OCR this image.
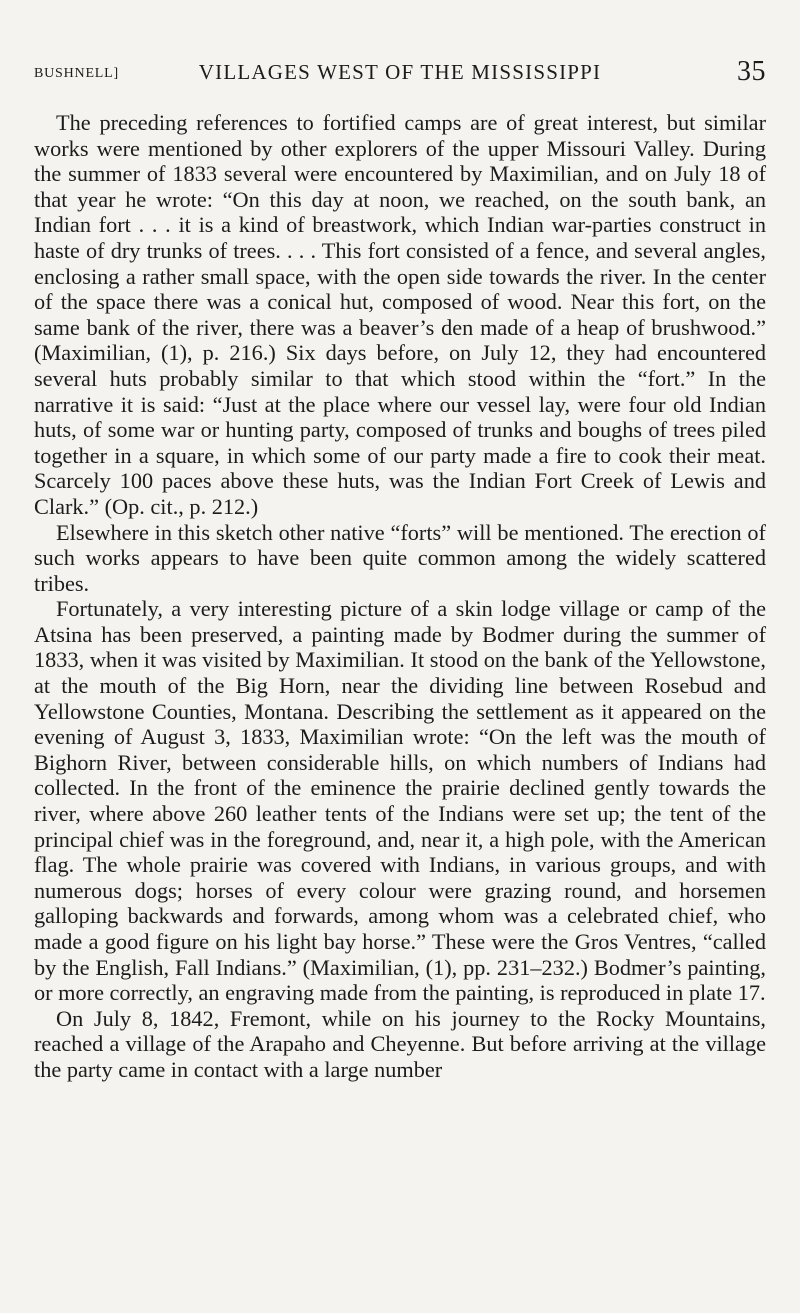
BUSHNELL]	VILLAGES WEST OF THE MISSISSIPPI	35

The preceding references to fortified camps are of great interest, but similar works were mentioned by other explorers of the upper Missouri Valley. During the summer of 1833 several were encountered by Maximilian, and on July 18 of that year he wrote: “On this day at noon, we reached, on the south bank, an Indian fort . . . it is a kind of breastwork, which Indian war-parties construct in haste of dry trunks of trees. . . . This fort consisted of a fence, and several angles, enclosing a rather small space, with the open side towards the river. In the center of the space there was a conical hut, composed of wood. Near this fort, on the same bank of the river, there was a beaver’s den made of a heap of brushwood.” (Maximilian, (1), p. 216.) Six days before, on July 12, they had encountered several huts probably similar to that which stood within the “fort.” In the narrative it is said: “Just at the place where our vessel lay, were four old Indian huts, of some war or hunting party, composed of trunks and boughs of trees piled together in a square, in which some of our party made a fire to cook their meat. Scarcely 100 paces above these huts, was the Indian Fort Creek of Lewis and Clark.” (Op. cit., p. 212.)

Elsewhere in this sketch other native “forts” will be mentioned. The erection of such works appears to have been quite common among the widely scattered tribes.

Fortunately, a very interesting picture of a skin lodge village or camp of the Atsina has been preserved, a painting made by Bodmer during the summer of 1833, when it was visited by Maximilian. It stood on the bank of the Yellowstone, at the mouth of the Big Horn, near the dividing line between Rosebud and Yellowstone Counties, Montana. Describing the settlement as it appeared on the evening of August 3, 1833, Maximilian wrote: “On the left was the mouth of Bighorn River, between considerable hills, on which numbers of Indians had collected. In the front of the eminence the prairie declined gently towards the river, where above 260 leather tents of the Indians were set up; the tent of the principal chief was in the foreground, and, near it, a high pole, with the American flag. The whole prairie was covered with Indians, in various groups, and with numerous dogs; horses of every colour were grazing round, and horsemen galloping backwards and forwards, among whom was a celebrated chief, who made a good figure on his light bay horse.” These were the Gros Ventres, “called by the English, Fall Indians.” (Maximilian, (1), pp. 231–232.) Bodmer’s painting, or more correctly, an engraving made from the painting, is reproduced in plate 17.

On July 8, 1842, Fremont, while on his journey to the Rocky Mountains, reached a village of the Arapaho and Cheyenne. But before arriving at the village the party came in contact with a large number
